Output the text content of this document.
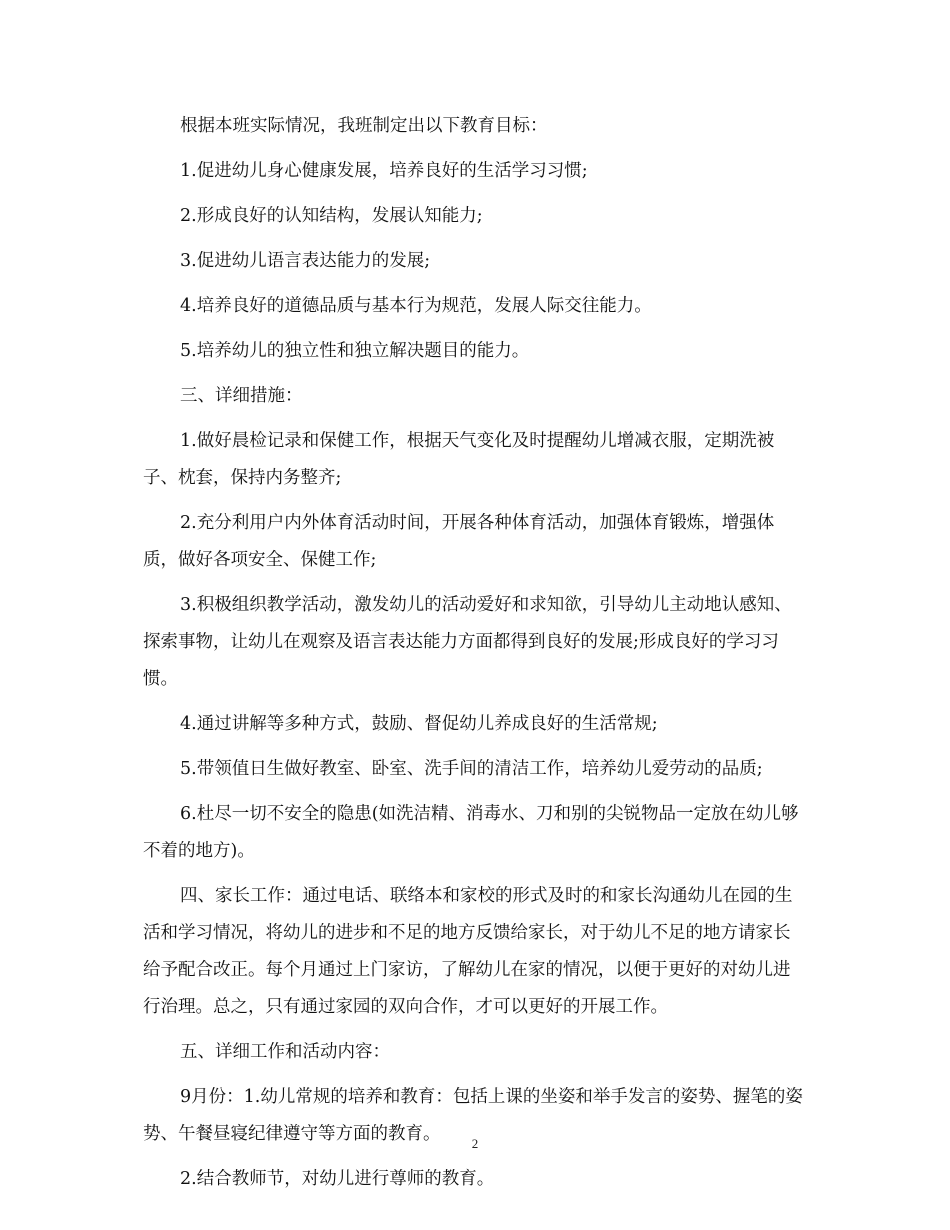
根据本班实际情况，我班制定出以下教育目标：

1.促进幼儿身心健康发展，培养良好的生活学习习惯;

2.形成良好的认知结构，发展认知能力;

3.促进幼儿语言表达能力的发展;

4.培养良好的道德品质与基本行为规范，发展人际交往能力。

5.培养幼儿的独立性和独立解决题目的能力。

三、详细措施：

1.做好晨检记录和保健工作，根据天气变化及时提醒幼儿增减衣服，定期洗被子、枕套，保持内务整齐;

2.充分利用户内外体育活动时间，开展各种体育活动，加强体育锻炼，增强体质，做好各项安全、保健工作;

3.积极组织教学活动，激发幼儿的活动爱好和求知欲，引导幼儿主动地认感知、探索事物，让幼儿在观察及语言表达能力方面都得到良好的发展;形成良好的学习习惯。

4.通过讲解等多种方式，鼓励、督促幼儿养成良好的生活常规;

5.带领值日生做好教室、卧室、洗手间的清洁工作，培养幼儿爱劳动的品质;

6.杜尽一切不安全的隐患(如洗洁精、消毒水、刀和别的尖锐物品一定放在幼儿够不着的地方)。

四、家长工作：通过电话、联络本和家校的形式及时的和家长沟通幼儿在园的生活和学习情况，将幼儿的进步和不足的地方反馈给家长，对于幼儿不足的地方请家长给予配合改正。每个月通过上门家访，了解幼儿在家的情况，以便于更好的对幼儿进行治理。总之，只有通过家园的双向合作，才可以更好的开展工作。

五、详细工作和活动内容：

9月份：1.幼儿常规的培养和教育：包括上课的坐姿和举手发言的姿势、握笔的姿势、午餐昼寝纪律遵守等方面的教育。

2.结合教师节，对幼儿进行尊师的教育。

2
